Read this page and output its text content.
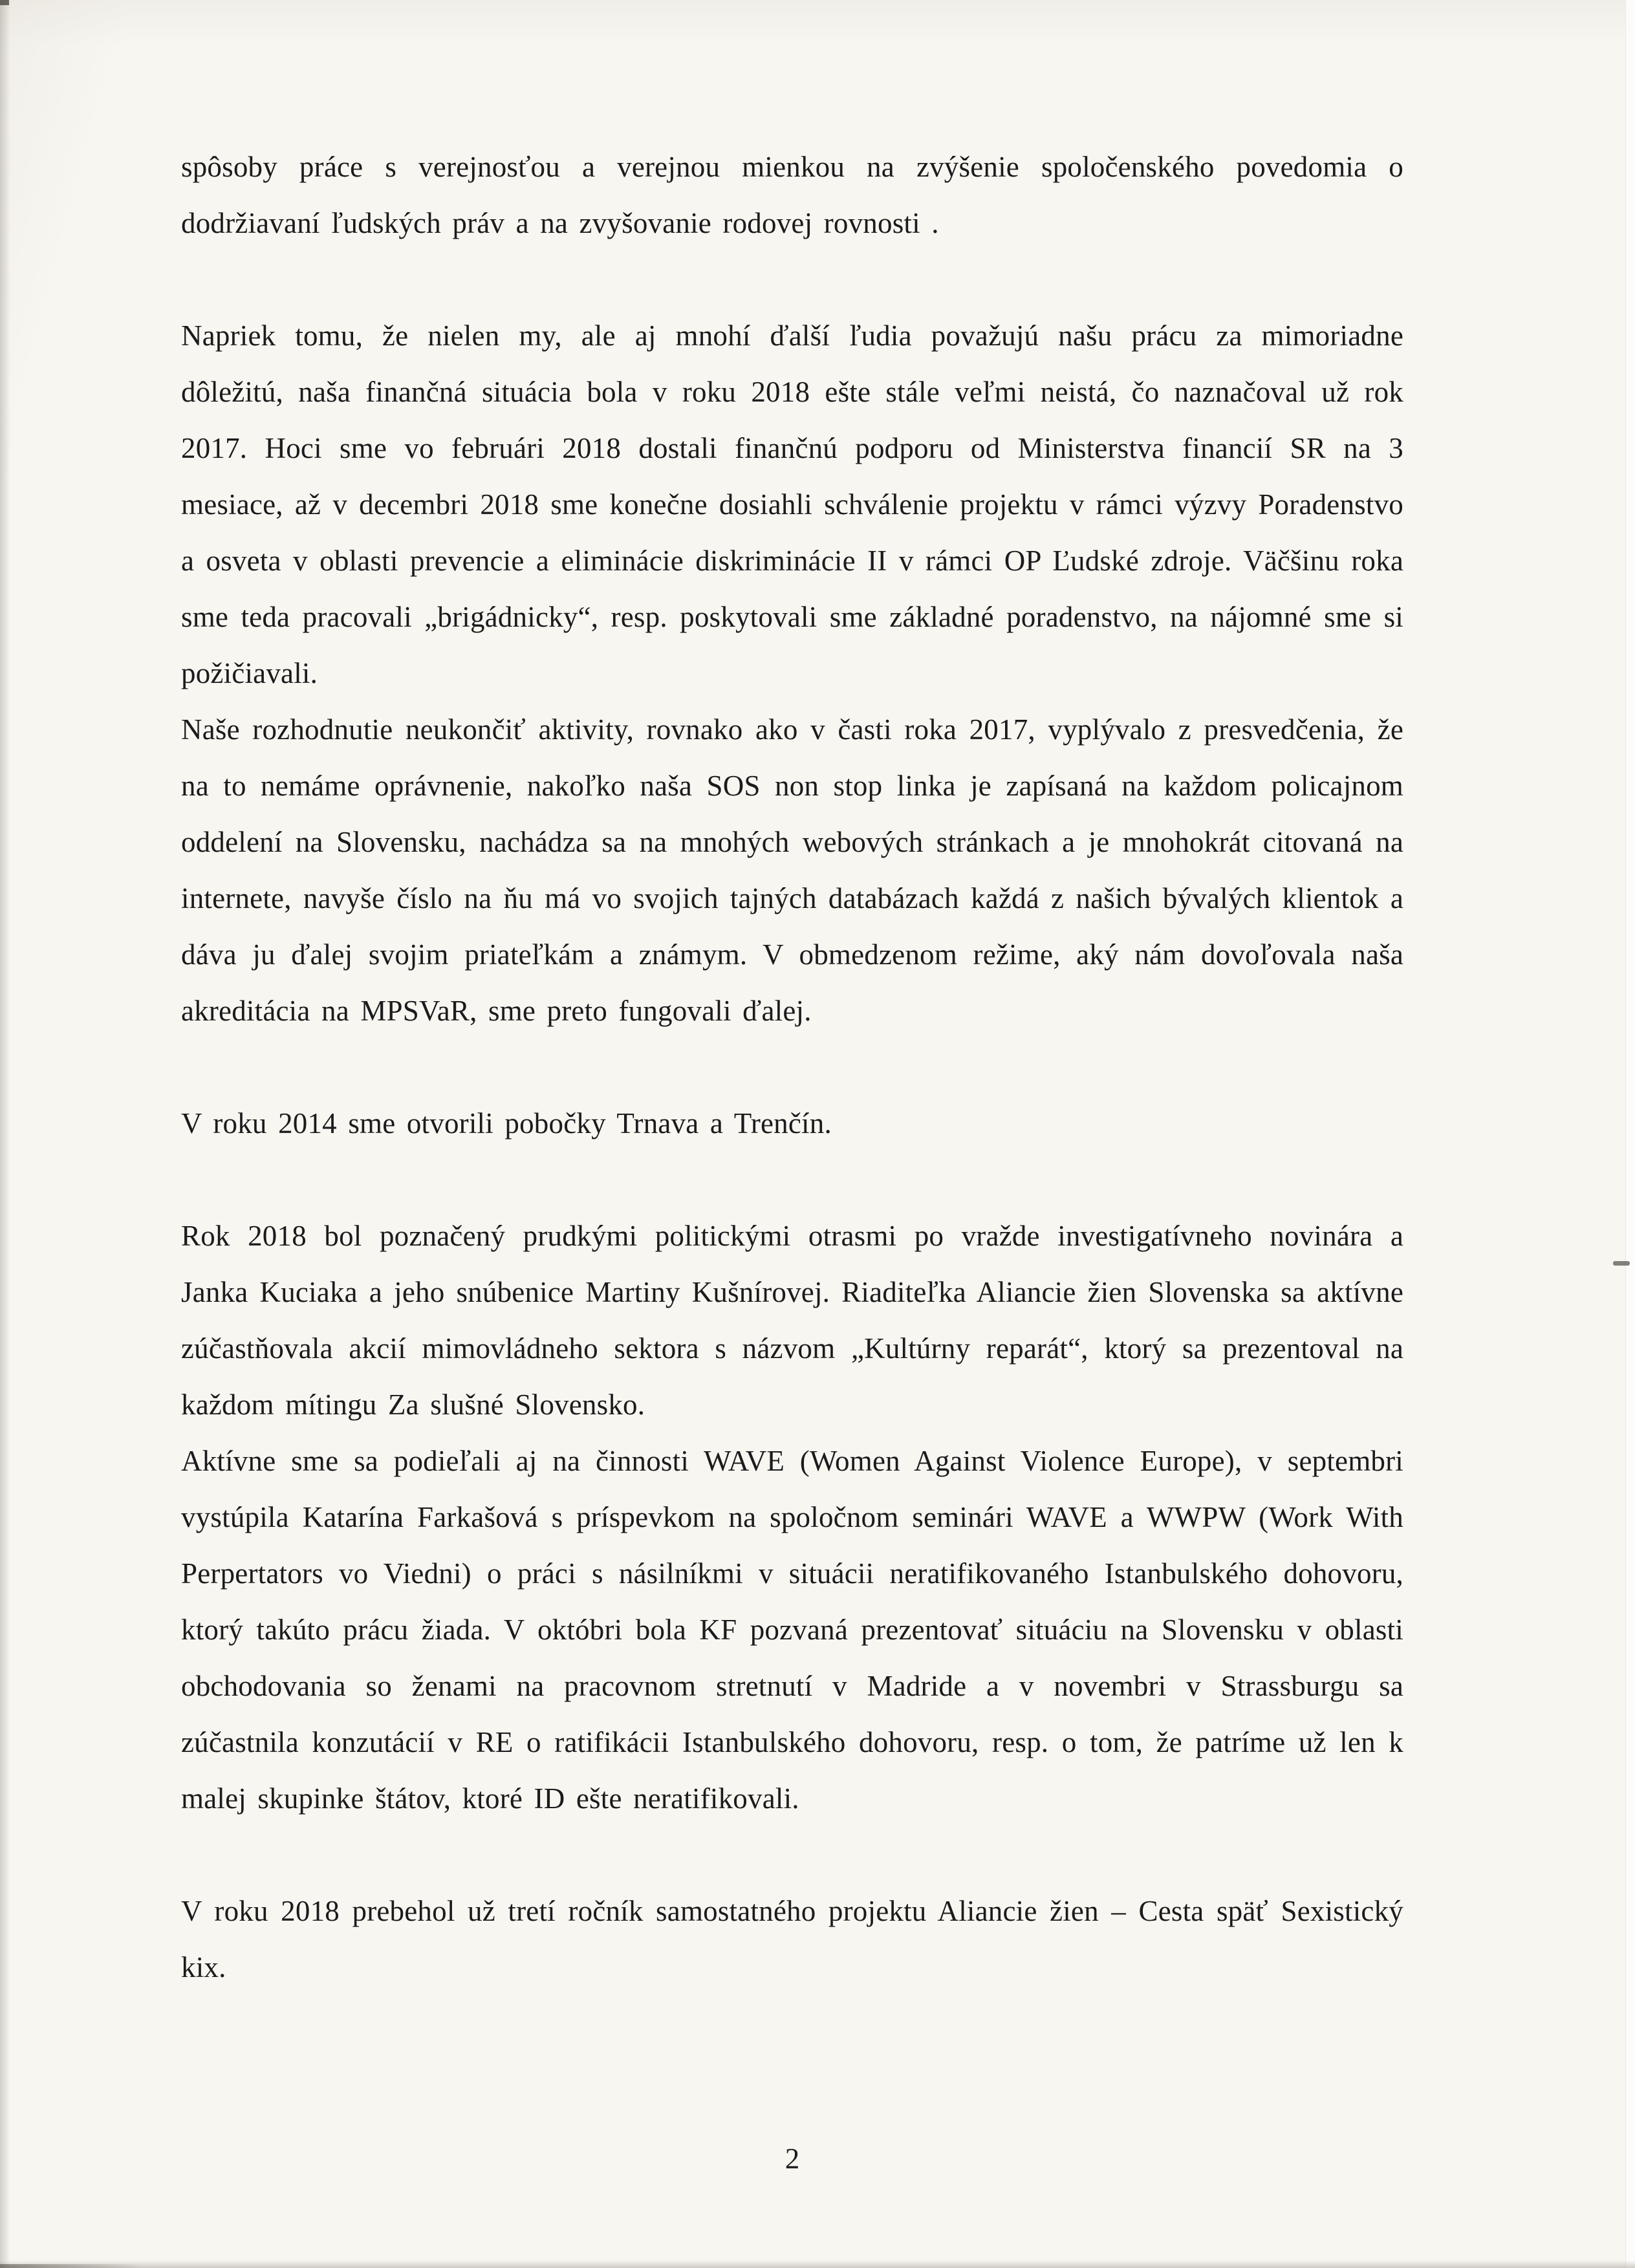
spôsoby práce s verejnosťou a verejnou mienkou na zvýšenie spoločenského povedomia o dodržiavaní ľudských práv a na zvyšovanie rodovej rovnosti .

Napriek tomu, že nielen my, ale aj mnohí ďalší ľudia považujú našu prácu za mimoriadne dôležitú, naša finančná situácia bola v roku 2018 ešte stále veľmi neistá, čo naznačoval už rok 2017. Hoci sme vo februári 2018 dostali finančnú podporu od Ministerstva financií SR na 3 mesiace, až v decembri 2018 sme konečne dosiahli schválenie projektu v rámci výzvy Poradenstvo a osveta v oblasti prevencie a eliminácie diskriminácie II v rámci OP Ľudské zdroje. Väčšinu roka sme teda pracovali „brigádnicky“, resp. poskytovali sme základné poradenstvo, na nájomné sme si požičiavali.

Naše rozhodnutie neukončiť aktivity, rovnako ako v časti roka 2017, vyplývalo z presvedčenia, že na to nemáme oprávnenie, nakoľko naša SOS non stop linka je zapísaná na každom policajnom oddelení na Slovensku, nachádza sa na mnohých webových stránkach a je mnohokrát citovaná na internete, navyše číslo na ňu má vo svojich tajných databázach každá z našich bývalých klientok a dáva ju ďalej svojim priateľkám a známym. V obmedzenom režime, aký nám dovoľovala naša akreditácia na MPSVaR, sme preto fungovali ďalej.

V roku 2014 sme otvorili pobočky Trnava a Trenčín.

Rok 2018 bol poznačený prudkými politickými otrasmi po vražde investigatívneho novinára a Janka Kuciaka a jeho snúbenice Martiny Kušnírovej. Riaditeľka Aliancie žien Slovenska sa aktívne zúčastňovala akcií mimovládneho sektora s názvom „Kultúrny reparát“, ktorý sa prezentoval na každom mítingu Za slušné Slovensko.

Aktívne sme sa podieľali aj na činnosti WAVE (Women Against Violence Europe), v septembri vystúpila Katarína Farkašová s príspevkom na spoločnom seminári WAVE a WWPW (Work With Perpertators vo Viedni) o práci s násilníkmi v situácii neratifikovaného Istanbulského dohovoru, ktorý takúto prácu žiada. V októbri bola KF pozvaná prezentovať situáciu na Slovensku v oblasti obchodovania so ženami na pracovnom stretnutí v Madride a v novembri v Strassburgu sa zúčastnila konzutácií v RE o ratifikácii Istanbulského dohovoru, resp. o tom, že patríme už len k malej skupinke štátov, ktoré ID ešte neratifikovali.

V roku 2018 prebehol už tretí ročník samostatného projektu Aliancie žien – Cesta späť Sexistický kix.

2
